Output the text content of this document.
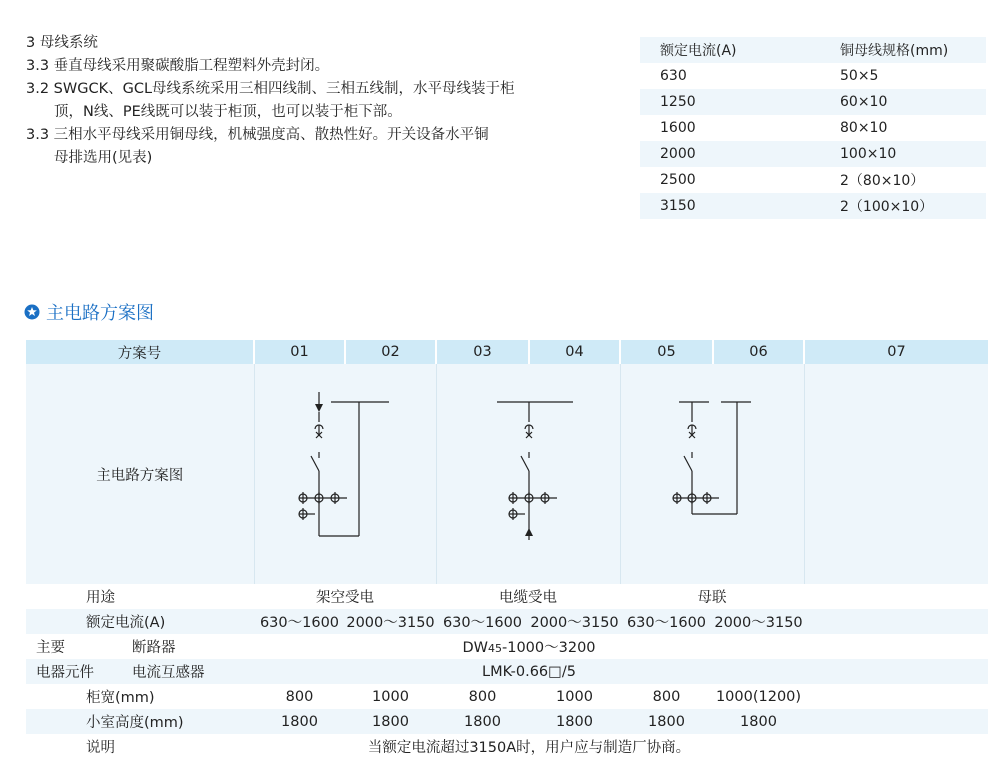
3 母线系统
3.3 垂直母线采用聚碳酸脂工程塑料外壳封闭。
3.2 SWGCK、GCL母线系统采用三相四线制、三相五线制，水平母线装于柜
顶，N线、PE线既可以装于柜顶，也可以装于柜下部。
3.3 三相水平母线采用铜母线，机械强度高、散热性好。开关设备水平铜
母排选用(见表)
额定电流(A)	铜母线规格(mm)
630	50×5
1250	60×10
1600	80×10
2000	100×10
2500	2（80×10）
3150	2（100×10）
主电路方案图
方案号	01	02	03	04	05	06	07
主电路方案图				
用途	架空受电		电缆受电		母联		
额定电流(A)	630～1600	2000～3150	630～1600	2000～3150	630～1600	2000～3150	
主要 断路器	DW45-1000～3200						
电器元件 电流互感器	LMK-0.66□/5						
柜宽(mm)	800	1000	800	1000	800	1000(1200)	
小室高度(mm)	1800	1800	1800	1800	1800	1800	
说明	当额定电流超过3150A时，用户应与制造厂协商。						
